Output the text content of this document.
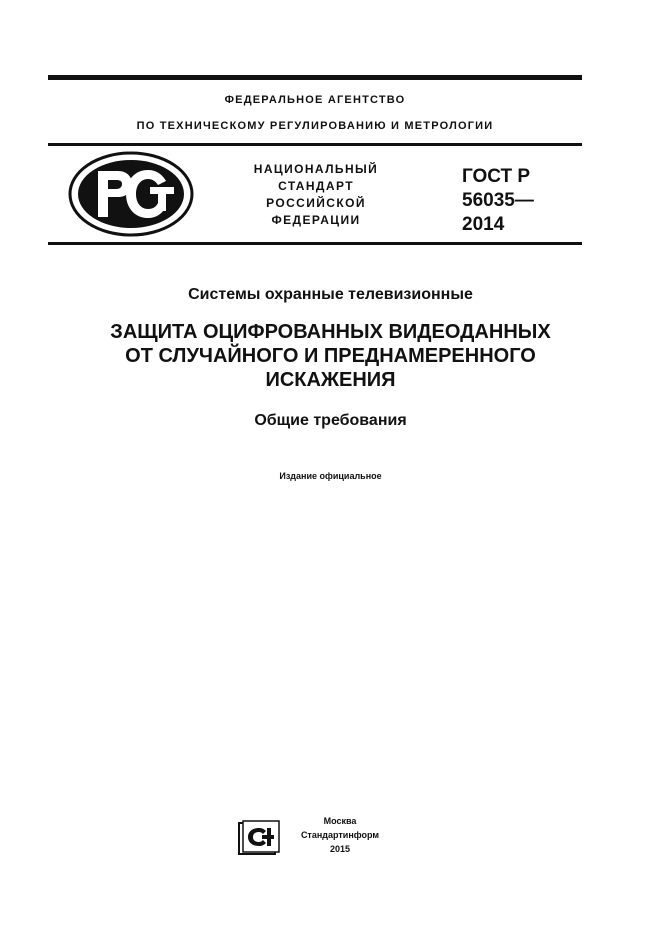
ФЕДЕРАЛЬНОЕ АГЕНТСТВО
ПО ТЕХНИЧЕСКОМУ РЕГУЛИРОВАНИЮ И МЕТРОЛОГИИ
НАЦИОНАЛЬНЫЙ
СТАНДАРТ
РОССИЙСКОЙ
ФЕДЕРАЦИИ
ГОСТ Р
56035—
2014
Системы охранные телевизионные
ЗАЩИТА ОЦИФРОВАННЫХ ВИДЕОДАННЫХ
ОТ СЛУЧАЙНОГО И ПРЕДНАМЕРЕННОГО
ИСКАЖЕНИЯ
Общие требования
Издание официальное
Москва
Стандартинформ
2015
